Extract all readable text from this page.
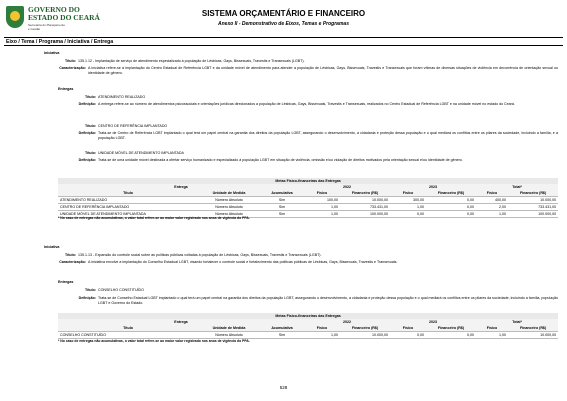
GOVERNO DO
ESTADO DO CEARÁ
Secretaria do Planejamento
e Gestão
SISTEMA ORÇAMENTÁRIO E FINANCEIRO
Anexo II - Demonstrativo de Eixos, Temas e Programas
Eixo / Tema / Programa / Iniciativa / Entrega
Iniciativa
Título: 135.1.12 - Implantação de serviço de atendimento especializado à população de Lésbicas, Gays, Bissexuais, Travestis e Transexuais (LGBT).
Caracterização: A iniciativa refere-se à implantação do Centro Estadual de Referência LGBT e da unidade móvel de atendimento para atender a população de Lésbicas, Gays, Bissexuais, Travestis e Transexuais que foram vítimas de diversas situações de violência em decorrência de orientação sexual ou identidade de gênero.
Entregas
Título: ATENDIMENTO REALIZADO
Definição: A entrega refere-se ao número de atendimentos psicossociais e orientações jurídicas direcionados a população de Lésbicas, Gays, Bissexuais, Travestis e Transexuais, realizados no Centro Estadual de Referência LGBT e na unidade móvel no estado do Ceará.
Título: CENTRO DE REFERÊNCIA IMPLANTADO
Definição: Trata-se de Centro de Referência LGBT implantado o qual terá um papel central na garantia dos direitos da população LGBT, assegurando o desenvolvimento, a cidadania e proteção dessa população e o qual mediará os conflitos entre os pilares da sociedade, incluindo a família, e a população LGBT.
Título: UNIDADE MÓVEL DE ATENDIMENTO IMPLANTADA
Definição: Trata-se de uma unidade móvel destinada a ofertar serviço humanizado e especializado à população LGBT em situação de violência, omissão e/ou violação de direitos motivados pela orientação sexual e/ou identidade de gênero.
Metas Físico-financeiras das Entregas								
Entrega			2022		2023		Total*	
Título	Unidade de Medida	Acumulativa	Físico	Financeiro (R$)	Físico	Financeiro (R$)	Físico	Financeiro (R$)
ATENDIMENTO REALIZADO	Número Absoluto	Sim	100,00	10.000,00	300,00	0,00	400,00	10.000,00
CENTRO DE REFERÊNCIA IMPLANTADO	Número Absoluto	Sim	1,00	733.431,00	1,00	0,00	2,00	733.431,00
UNIDADE MÓVEL DE ATENDIMENTO IMPLANTADA	Número Absoluto	Sim	1,00	100.000,00	0,00	0,00	1,00	100.000,00
* No caso de entregas não acumulativas, o valor total refere-se ao maior valor registrado nos anos de vigência do PPA.
Iniciativa
Título: 135.1.13 - Expansão do controle social sobre as políticas públicas voltadas à população de Lésbicas, Gays, Bissexuais, Travestis e Transexuais (LGBT).
Caracterização: A iniciativa envolve a implantação do Conselho Estadual LGBT, visando fortalecer o controle social e fortalecimento das políticas públicas de Lésbicas, Gays, Bissexuais, Travestis e Transexuais.
Entregas
Título: CONSELHO CONSTITUÍDO
Definição: Trata-se de Conselho Estadual LGBT implantado o qual terá um papel central na garantia dos direitos da população LGBT, assegurando o desenvolvimento, a cidadania e proteção dessa população e o qual mediará os conflitos entre os pilares da sociedade, incluindo a família, população LGBT e Governo do Estado.
Metas Físico-financeiras das Entregas								
Entrega			2022		2023		Total*	
Título	Unidade de Medida	Acumulativa	Físico	Financeiro (R$)	Físico	Financeiro (R$)	Físico	Financeiro (R$)
CONSELHO CONSTITUÍDO	Número Absoluto	Sim	1,00	10.000,00	0,00	0,00	1,00	10.000,00
* No caso de entregas não acumulativas, o valor total refere-se ao maior valor registrado nos anos de vigência do PPA.
528
